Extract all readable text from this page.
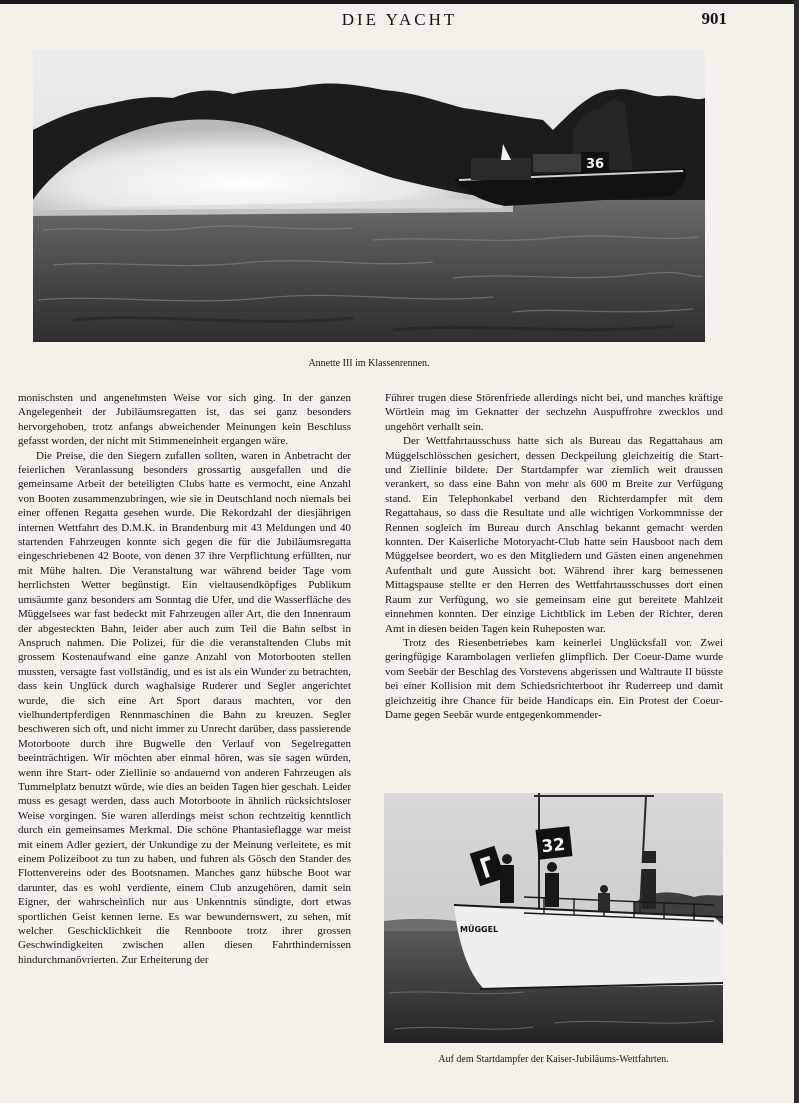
DIE YACHT	901
36
Annette III im Klassenrennen.

monischsten und angenehmsten Weise vor sich ging. In der ganzen Angelegenheit der Jubiläumsregatten ist, das sei ganz besonders hervorgehoben, trotz anfangs abweichender Meinungen kein Beschluss gefasst worden, der nicht mit Stimmeneinheit ergangen wäre.

Die Preise, die den Siegern zufallen sollten, waren in Anbetracht der feierlichen Veranlassung besonders grossartig ausgefallen und die gemeinsame Arbeit der beteiligten Clubs hatte es vermocht, eine Anzahl von Booten zusammenzubringen, wie sie in Deutschland noch niemals bei einer offenen Regatta gesehen wurde. Die Rekordzahl der diesjährigen internen Wettfahrt des D.M.K. in Brandenburg mit 43 Meldungen und 40 startenden Fahrzeugen konnte sich gegen die für die Jubiläumsregatta eingeschriebenen 42 Boote, von denen 37 ihre Verpflichtung erfüllten, nur mit Mühe halten. Die Veranstaltung war während beider Tage vom herrlichsten Wetter begünstigt. Ein vieltausendköpfiges Publikum umsäumte ganz besonders am Sonntag die Ufer, und die Wasserfläche des Müggelsees war fast bedeckt mit Fahrzeugen aller Art, die den Innenraum der abgesteckten Bahn, leider aber auch zum Teil die Bahn selbst in Anspruch nahmen. Die Polizei, für die die veranstaltenden Clubs mit grossem Kostenaufwand eine ganze Anzahl von Motorbooten stellen mussten, versagte fast vollständig, und es ist als ein Wunder zu betrachten, dass kein Unglück durch waghalsige Ruderer und Segler angerichtet wurde, die sich eine Art Sport daraus machten, vor den vielhundertpferdigen Rennmaschinen die Bahn zu kreuzen. Segler beschweren sich oft, und nicht immer zu Unrecht darüber, dass passierende Motorboote durch ihre Bugwelle den Verlauf von Segelregatten beeinträchtigen. Wir möchten aber einmal hören, was sie sagen würden, wenn ihre Start- oder Ziellinie so andauernd von anderen Fahrzeugen als Tummelplatz benutzt würde, wie dies an beiden Tagen hier geschah. Leider muss es gesagt werden, dass auch Motorboote in ähnlich rücksichtsloser Weise vorgingen. Sie waren allerdings meist schon rechtzeitig kenntlich durch ein gemeinsames Merkmal. Die schöne Phantasieflagge war meist mit einem Adler geziert, der Unkundige zu der Meinung verleitete, es mit einem Polizeiboot zu tun zu haben, und fuhren als Gösch den Stander des Flottenvereins oder des Bootsnamen. Manches ganz hübsche Boot war darunter, das es wohl verdiente, einem Club anzugehören, damit sein Eigner, der wahrscheinlich nur aus Unkenntnis sündigte, dort etwas sportlichen Geist kennen lerne. Es war bewundernswert, zu sehen, mit welcher Geschicklichkeit die Rennboote trotz ihrer grossen Geschwindigkeiten zwischen allen diesen Fahrthindernissen hindurchmanövrierten. Zur Erheiterung der

Führer trugen diese Störenfriede allerdings nicht bei, und manches kräftige Wörtlein mag im Geknatter der sechzehn Auspuffrohre zwecklos und ungehört verhallt sein.

Der Wettfahrtausschuss hatte sich als Bureau das Regattahaus am Müggelschlösschen gesichert, dessen Deckpeilung gleichzeitig die Start- und Ziellinie bildete. Der Startdampfer war ziemlich weit draussen verankert, so dass eine Bahn von mehr als 600 m Breite zur Verfügung stand. Ein Telephonkabel verband den Richterdampfer mit dem Regattahaus, so dass die Resultate und alle wichtigen Vorkommnisse der Rennen sogleich im Bureau durch Anschlag bekannt gemacht werden konnten. Der Kaiserliche Motoryacht-Club hatte sein Hausboot nach dem Müggelsee beordert, wo es den Mitgliedern und Gästen einen angenehmen Aufenthalt und gute Aussicht bot. Während ihrer karg bemessenen Mittagspause stellte er den Herren des Wettfahrtausschusses dort einen Raum zur Verfügung, wo sie gemeinsam eine gut bereitete Mahlzeit einnehmen konnten. Der einzige Lichtblick im Leben der Richter, deren Amt in diesen beiden Tagen kein Ruheposten war.

Trotz des Riesenbetriebes kam keinerlei Unglücksfall vor. Zwei geringfügige Karambolagen verliefen glimpflich. Der Coeur-Dame wurde vom Seebär der Beschlag des Vorstevens abgerissen und Waltraute II büsste bei einer Kollision mit dem Schiedsrichterboot ihr Ruderreep und damit gleichzeitig ihre Chance für beide Handicaps ein. Ein Protest der Coeur-Dame gegen Seebär wurde entgegenkommender-

MÜGGEL
32
Auf dem Startdampfer der Kaiser-Jubiläums-Wettfahrten.
